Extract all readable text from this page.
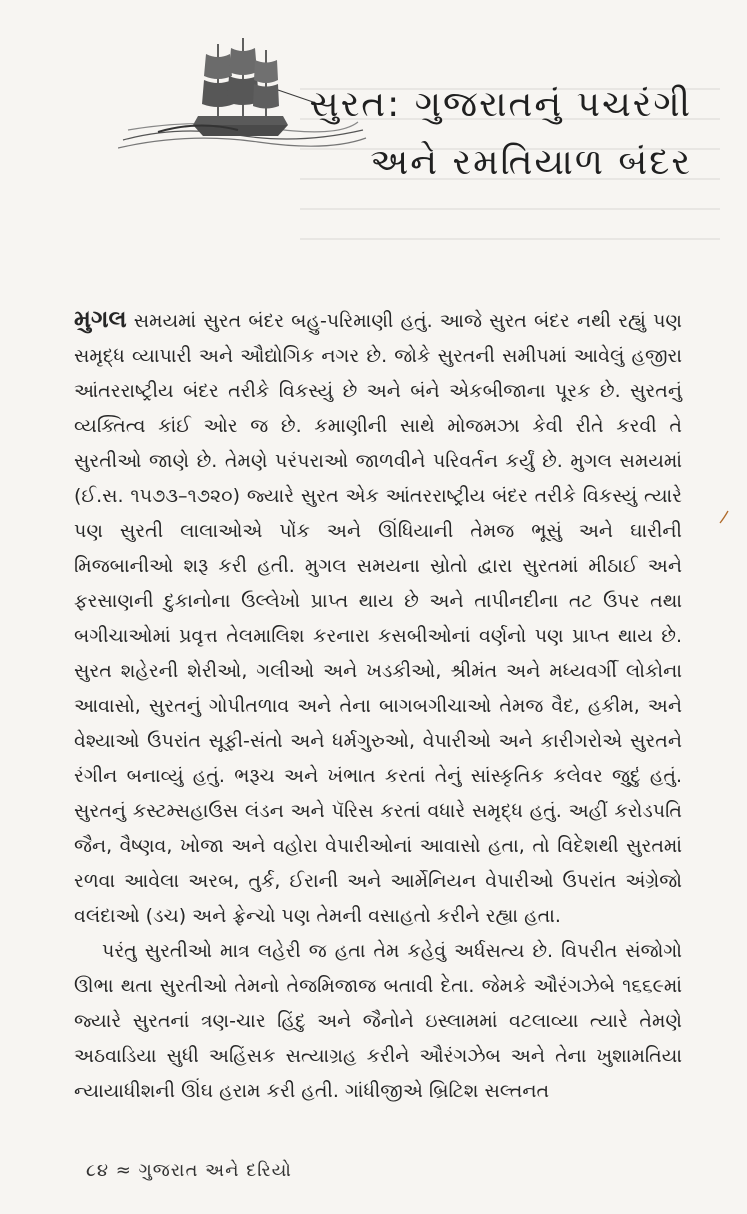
સુરત: ગુજરાતનું પચરંગી
અને રમતિયાળ બંદર

મુગલ સમયમાં સુરત બંદર બહુ-પરિમાણી હતું. આજે સુરત બંદર નથી રહ્યું પણ સમૃદ્ધ વ્યાપારી અને ઔદ્યોગિક નગર છે. જોકે સુરતની સમીપમાં આવેલું હજીરા આંતરરાષ્ટ્રીય બંદર તરીકે વિકસ્યું છે અને બંને એકબીજાના પૂરક છે. સુરતનું વ્યક્તિત્વ કાંઈ ઓર જ છે. કમાણીની સાથે મોજમઝા કેવી રીતે કરવી તે સુરતીઓ જાણે છે. તેમણે પરંપરાઓ જાળવીને પરિવર્તન કર્યું છે. મુગલ સમયમાં (ઈ.સ. ૧૫૭૩–૧૭૨૦) જ્યારે સુરત એક આંતરરાષ્ટ્રીય બંદર તરીકે વિકસ્યું ત્યારે પણ સુરતી લાલાઓએ પોંક અને ઊંધિયાની તેમજ ભૂસું અને ઘારીની મિજબાનીઓ શરૂ કરી હતી. મુગલ સમયના સ્રોતો દ્વારા સુરતમાં મીઠાઈ અને ફરસાણની દુકાનોના ઉલ્લેખો પ્રાપ્ત થાય છે અને તાપીનદીના તટ ઉપર તથા બગીચાઓમાં પ્રવૃત્ત તેલમાલિશ કરનારા કસબીઓનાં વર્ણનો પણ પ્રાપ્ત થાય છે. સુરત શહેરની શેરીઓ, ગલીઓ અને ખડકીઓ, શ્રીમંત અને મધ્યવર્ગી લોકોના આવાસો, સુરતનું ગોપીતળાવ અને તેના બાગબગીચાઓ તેમજ વૈદ, હકીમ, અને વેશ્યાઓ ઉપરાંત સૂફી-સંતો અને ધર્મગુરુઓ, વેપારીઓ અને કારીગરોએ સુરતને રંગીન બનાવ્યું હતું. ભરૂચ અને ખંભાત કરતાં તેનું સાંસ્કૃતિક કલેવર જુદું હતું. સુરતનું કસ્ટમ્સહાઉસ લંડન અને પૅરિસ કરતાં વધારે સમૃદ્ધ હતું. અહીં કરોડપતિ જૈન, વૈષ્ણવ, ખોજા અને વહોરા વેપારીઓનાં આવાસો હતા, તો વિદેશથી સુરતમાં રળવા આવેલા અરબ, તુર્ક, ઈરાની અને આર્મેનિયન વેપારીઓ ઉપરાંત અંગ્રેજો વલંદાઓ (ડચ) અને ફ્રેન્ચો પણ તેમની વસાહતો કરીને રહ્યા હતા.

પરંતુ સુરતીઓ માત્ર લહેરી જ હતા તેમ કહેવું અર્ધસત્ય છે. વિપરીત સંજોગો ઊભા થતા સુરતીઓ તેમનો તેજમિજાજ બતાવી દેતા. જેમકે ઔરંગઝેબે ૧૬૬૯માં જ્યારે સુરતનાં ત્રણ-ચાર હિંદુ અને જૈનોને ઇસ્લામમાં વટલાવ્યા ત્યારે તેમણે અઠવાડિયા સુધી અહિંસક સત્યાગ્રહ કરીને ઔરંગઝેબ અને તેના ખુશામતિયા ન્યાયાધીશની ઊંઘ હરામ કરી હતી. ગાંધીજીએ બ્રિટિશ સલ્તનત

૮૪ ≈ ગુજરાત અને દરિયો
